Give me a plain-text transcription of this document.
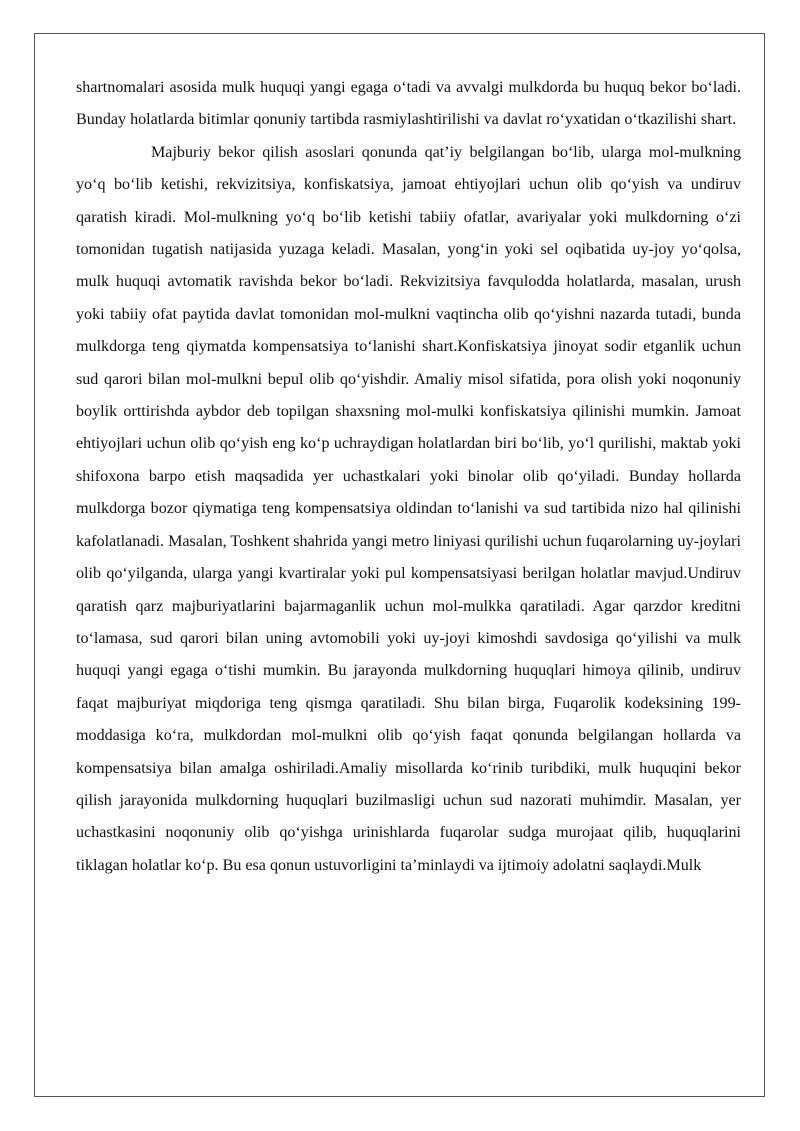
shartnomalari asosida mulk huquqi yangi egaga o‘tadi va avvalgi mulkdorda bu huquq bekor bo‘ladi. Bunday holatlarda bitimlar qonuniy tartibda rasmiylashtirilishi va davlat ro‘yxatidan o‘tkazilishi shart.

Majburiy bekor qilish asoslari qonunda qat’iy belgilangan bo‘lib, ularga mol-mulkning yo‘q bo‘lib ketishi, rekvizitsiya, konfiskatsiya, jamoat ehtiyojlari uchun olib qo‘yish va undiruv qaratish kiradi. Mol-mulkning yo‘q bo‘lib ketishi tabiiy ofatlar, avariyalar yoki mulkdorning o‘zi tomonidan tugatish natijasida yuzaga keladi. Masalan, yong‘in yoki sel oqibatida uy-joy yo‘qolsa, mulk huquqi avtomatik ravishda bekor bo‘ladi. Rekvizitsiya favqulodda holatlarda, masalan, urush yoki tabiiy ofat paytida davlat tomonidan mol-mulkni vaqtincha olib qo‘yishni nazarda tutadi, bunda mulkdorga teng qiymatda kompensatsiya to‘lanishi shart.Konfiskatsiya jinoyat sodir etganlik uchun sud qarori bilan mol-mulkni bepul olib qo‘yishdir. Amaliy misol sifatida, pora olish yoki noqonuniy boylik orttirishda aybdor deb topilgan shaxsning mol-mulki konfiskatsiya qilinishi mumkin. Jamoat ehtiyojlari uchun olib qo‘yish eng ko‘p uchraydigan holatlardan biri bo‘lib, yo‘l qurilishi, maktab yoki shifoxona barpo etish maqsadida yer uchastkalari yoki binolar olib qo‘yiladi. Bunday hollarda mulkdorga bozor qiymatiga teng kompensatsiya oldindan to‘lanishi va sud tartibida nizo hal qilinishi kafolatlanadi. Masalan, Toshkent shahrida yangi metro liniyasi qurilishi uchun fuqarolarning uy-joylari olib qo‘yilganda, ularga yangi kvartiralar yoki pul kompensatsiyasi berilgan holatlar mavjud.Undiruv qaratish qarz majburiyatlarini bajarmaganlik uchun mol-mulkka qaratiladi. Agar qarzdor kreditni to‘lamasa, sud qarori bilan uning avtomobili yoki uy-joyi kimoshdi savdosiga qo‘yilishi va mulk huquqi yangi egaga o‘tishi mumkin. Bu jarayonda mulkdorning huquqlari himoya qilinib, undiruv faqat majburiyat miqdoriga teng qismga qaratiladi. Shu bilan birga, Fuqarolik kodeksining 199-moddasiga ko‘ra, mulkdordan mol-mulkni olib qo‘yish faqat qonunda belgilangan hollarda va kompensatsiya bilan amalga oshiriladi.Amaliy misollarda ko‘rinib turibdiki, mulk huquqini bekor qilish jarayonida mulkdorning huquqlari buzilmasligi uchun sud nazorati muhimdir. Masalan, yer uchastkasini noqonuniy olib qo‘yishga urinishlarda fuqarolar sudga murojaat qilib, huquqlarini tiklagan holatlar ko‘p. Bu esa qonun ustuvorligini ta’minlaydi va ijtimoiy adolatni saqlaydi.Mulk
